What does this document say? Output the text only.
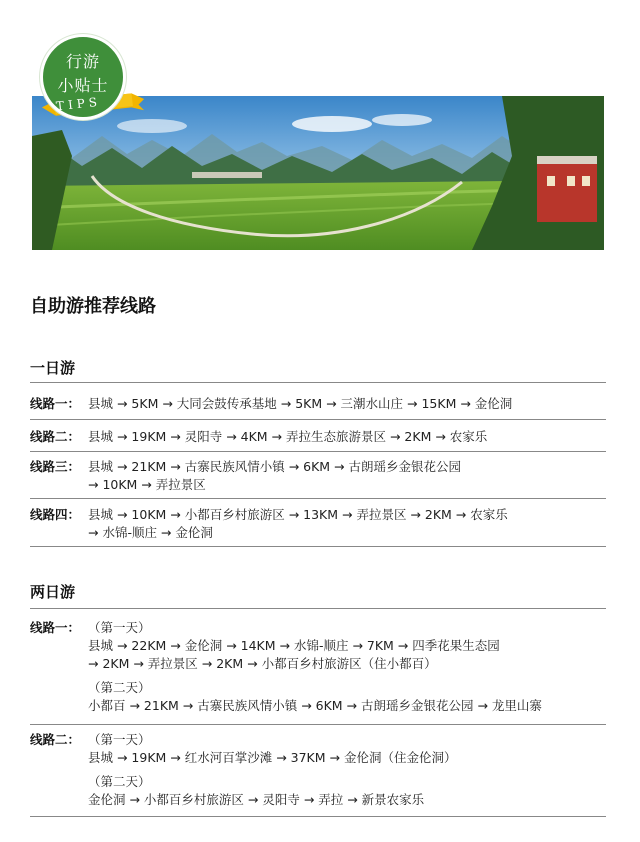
行游
小贴士
TIPS
自助游推荐线路
一日游
线路一： 县城 → 5KM → 大同会鼓传承基地 → 5KM → 三潮水山庄 → 15KM → 金伦洞
线路二： 县城 → 19KM → 灵阳寺 → 4KM → 弄拉生态旅游景区 → 2KM → 农家乐
线路三： 县城 → 21KM → 古寨民族风情小镇 → 6KM → 古朗瑶乡金银花公园
→ 10KM → 弄拉景区
线路四： 县城 → 10KM → 小都百乡村旅游区 → 13KM → 弄拉景区 → 2KM → 农家乐
→ 水锦-顺庄 → 金伦洞
两日游
线路一： （第一天）
县城 → 22KM → 金伦洞 → 14KM → 水锦-顺庄 → 7KM → 四季花果生态园
→ 2KM → 弄拉景区 → 2KM → 小都百乡村旅游区（住小都百）
（第二天）
小都百 → 21KM → 古寨民族风情小镇 → 6KM → 古朗瑶乡金银花公园 → 龙里山寨
线路二： （第一天）
县城 → 19KM → 红水河百掌沙滩 → 37KM → 金伦洞（住金伦洞）
（第二天）
金伦洞 → 小都百乡村旅游区 → 灵阳寺 → 弄拉 → 新景农家乐
